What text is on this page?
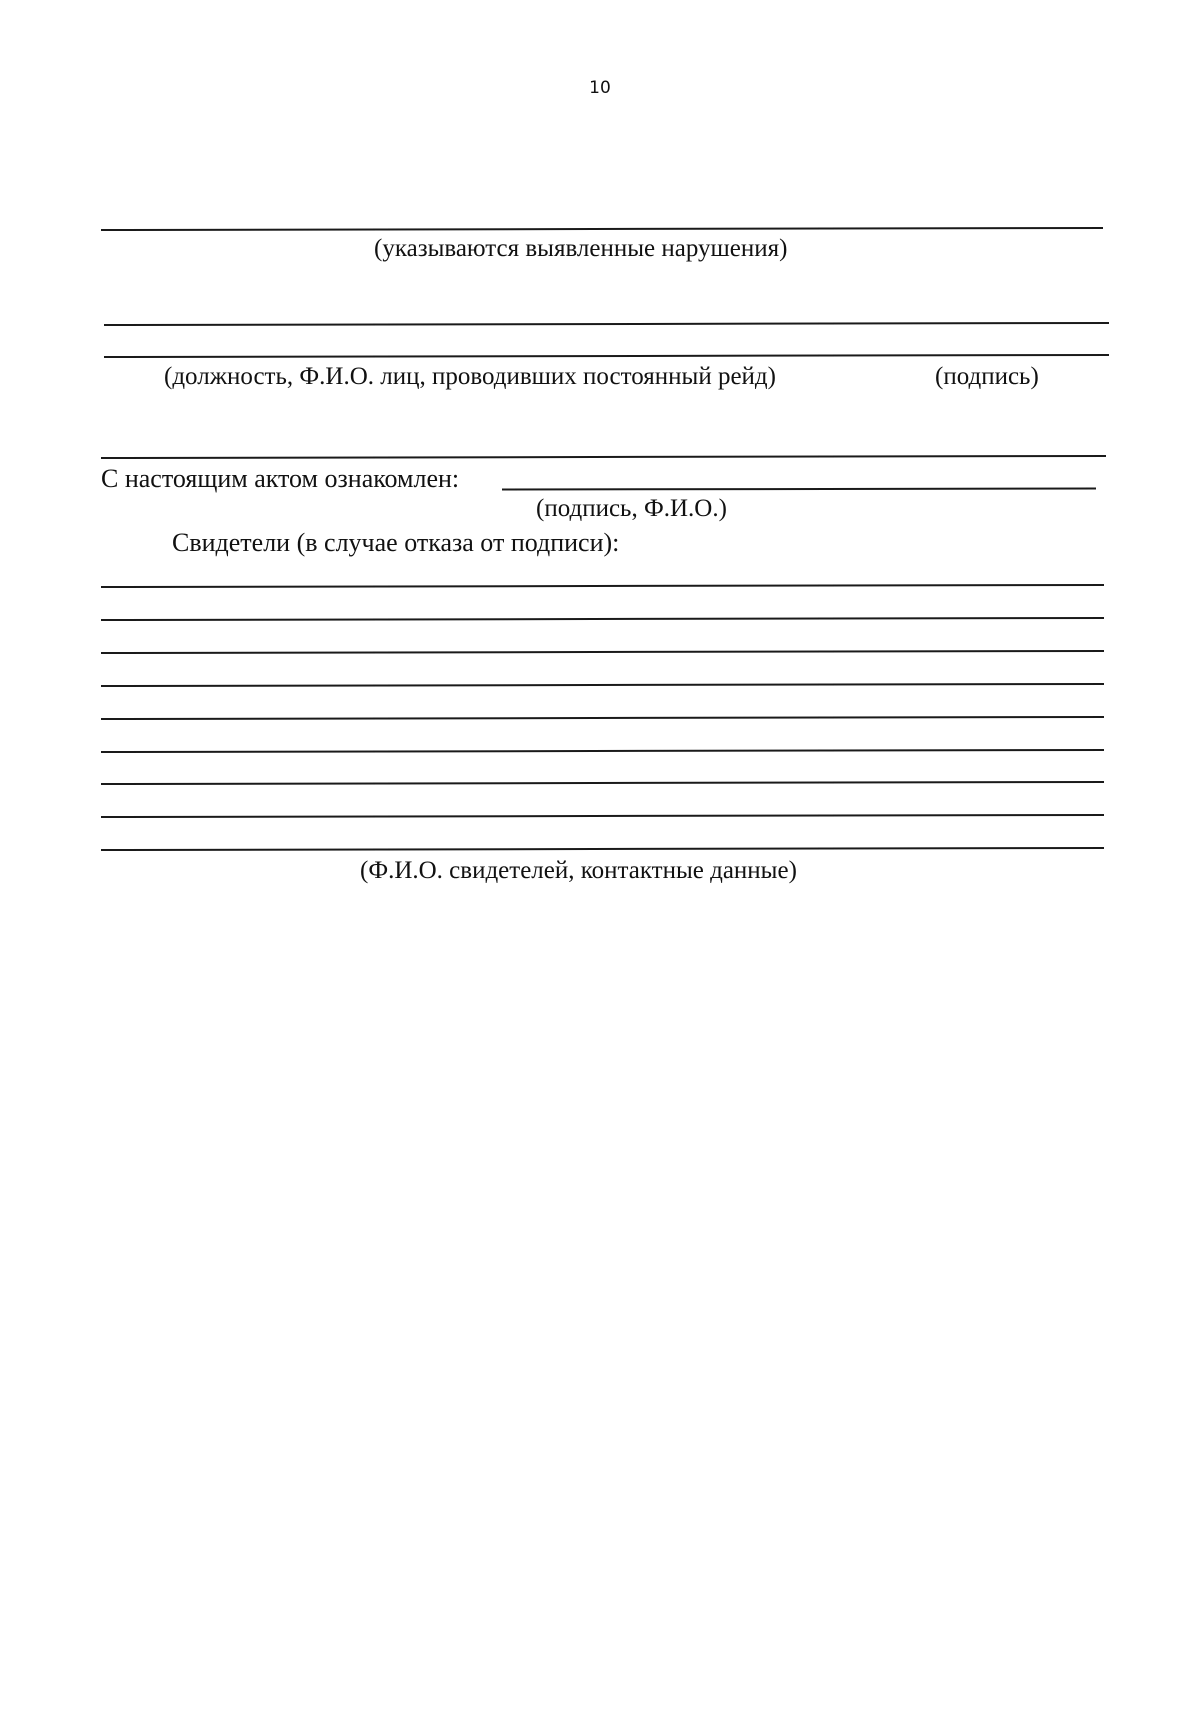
10
(указываются выявленные нарушения)
(должность, Ф.И.О. лиц, проводивших постоянный рейд)	(подпись)
С настоящим актом ознакомлен:
(подпись, Ф.И.О.)
Свидетели (в случае отказа от подписи):
(Ф.И.О. свидетелей, контактные данные)
